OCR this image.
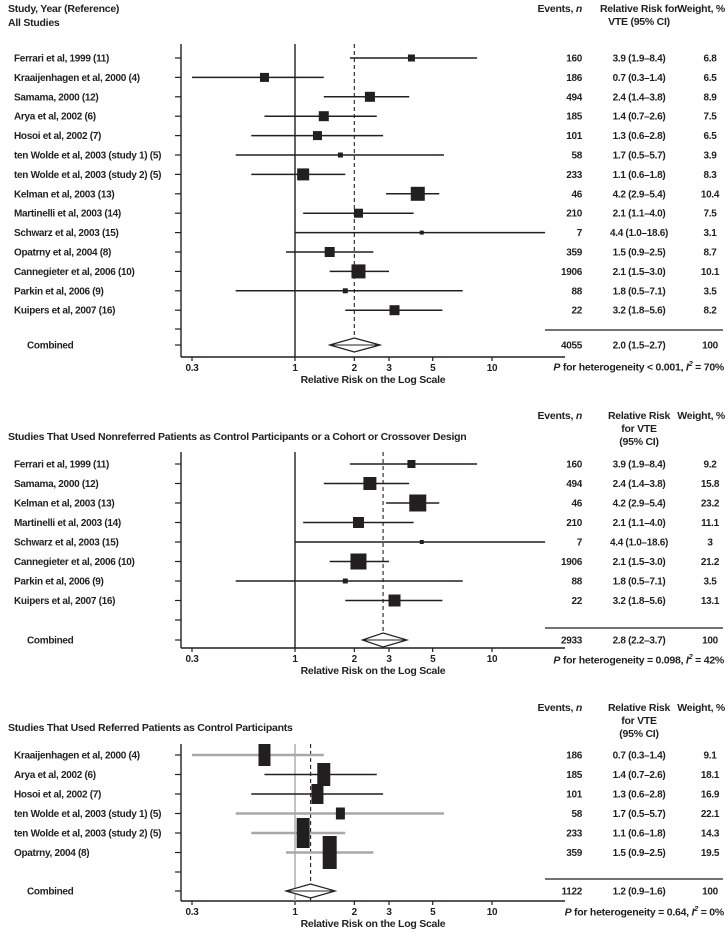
0.3	1	2	3	5	10
Ferrari et al, 1999 (11)	160	3.9 (1.9–8.4)	6.8
Kraaijenhagen et al, 2000 (4)	186	0.7 (0.3–1.4)	6.5
Samama, 2000 (12)	494	2.4 (1.4–3.8)	8.9
Arya et al, 2002 (6)	185	1.4 (0.7–2.6)	7.5
Hosoi et al, 2002 (7)	101	1.3 (0.6–2.8)	6.5
ten Wolde et al, 2003 (study 1) (5)	58	1.7 (0.5–5.7)	3.9
ten Wolde et al, 2003 (study 2) (5)	233	1.1 (0.6–1.8)	8.3
Kelman et al, 2003 (13)	46	4.2 (2.9–5.4)	10.4
Martinelli et al, 2003 (14)	210	2.1 (1.1–4.0)	7.5
Schwarz et al, 2003 (15)	7	4.4 (1.0–18.6)	3.1
Opatrny et al, 2004 (8)	359	1.5 (0.9–2.5)	8.7
Cannegieter et al, 2006 (10)	1906	2.1 (1.5–3.0)	10.1
Parkin et al, 2006 (9)	88	1.8 (0.5–7.1)	3.5
Kuipers et al, 2007 (16)	22	3.2 (1.8–5.6)	8.2
Combined	4055	2.0 (1.5–2.7)	100
0.3	1	2	3	5	10
Ferrari et al, 1999 (11)	160	3.9 (1.9–8.4)	9.2
Samama, 2000 (12)	494	2.4 (1.4–3.8)	15.8
Kelman et al, 2003 (13)	46	4.2 (2.9–5.4)	23.2
Martinelli et al, 2003 (14)	210	2.1 (1.1–4.0)	11.1
Schwarz et al, 2003 (15)	7	4.4 (1.0–18.6)	3
Cannegieter et al, 2006 (10)	1906	2.1 (1.5–3.0)	21.2
Parkin et al, 2006 (9)	88	1.8 (0.5–7.1)	3.5
Kuipers et al, 2007 (16)	22	3.2 (1.8–5.6)	13.1
Combined	2933	2.8 (2.2–3.7)	100
0.3	1	2	3	5	10
Kraaijenhagen et al, 2000 (4)	186	0.7 (0.3–1.4)	9.1
Arya et al, 2002 (6)	185	1.4 (0.7–2.6)	18.1
Hosoi et al, 2002 (7)	101	1.3 (0.6–2.8)	16.9
ten Wolde et al, 2003 (study 1) (5)	58	1.7 (0.5–5.7)	22.1
ten Wolde et al, 2003 (study 2) (5)	233	1.1 (0.6–1.8)	14.3
Opatrny, 2004 (8)	359	1.5 (0.9–2.5)	19.5
Combined	1122	1.2 (0.9–1.6)	100
Study, Year (Reference)
All Studies
Events, n	Relative Risk for
VTE (95% CI)
Weight, %
Relative Risk on the Log Scale
P for heterogeneity < 0.001, $I^2 = 70\%$
Studies That Used Nonreferred Patients as Control Participants or a Cohort or Crossover Design
Events, n	Relative Risk
for VTE
(95% CI)
Weight, %
Relative Risk on the Log Scale
P for heterogeneity = 0.098, $I^2 = 42\%$
Studies That Used Referred Patients as Control Participants
Events, n	Relative Risk
for VTE
(95% CI)
Weight, %
Relative Risk on the Log Scale
P for heterogeneity = 0.64, $I^2 = 0\%$
